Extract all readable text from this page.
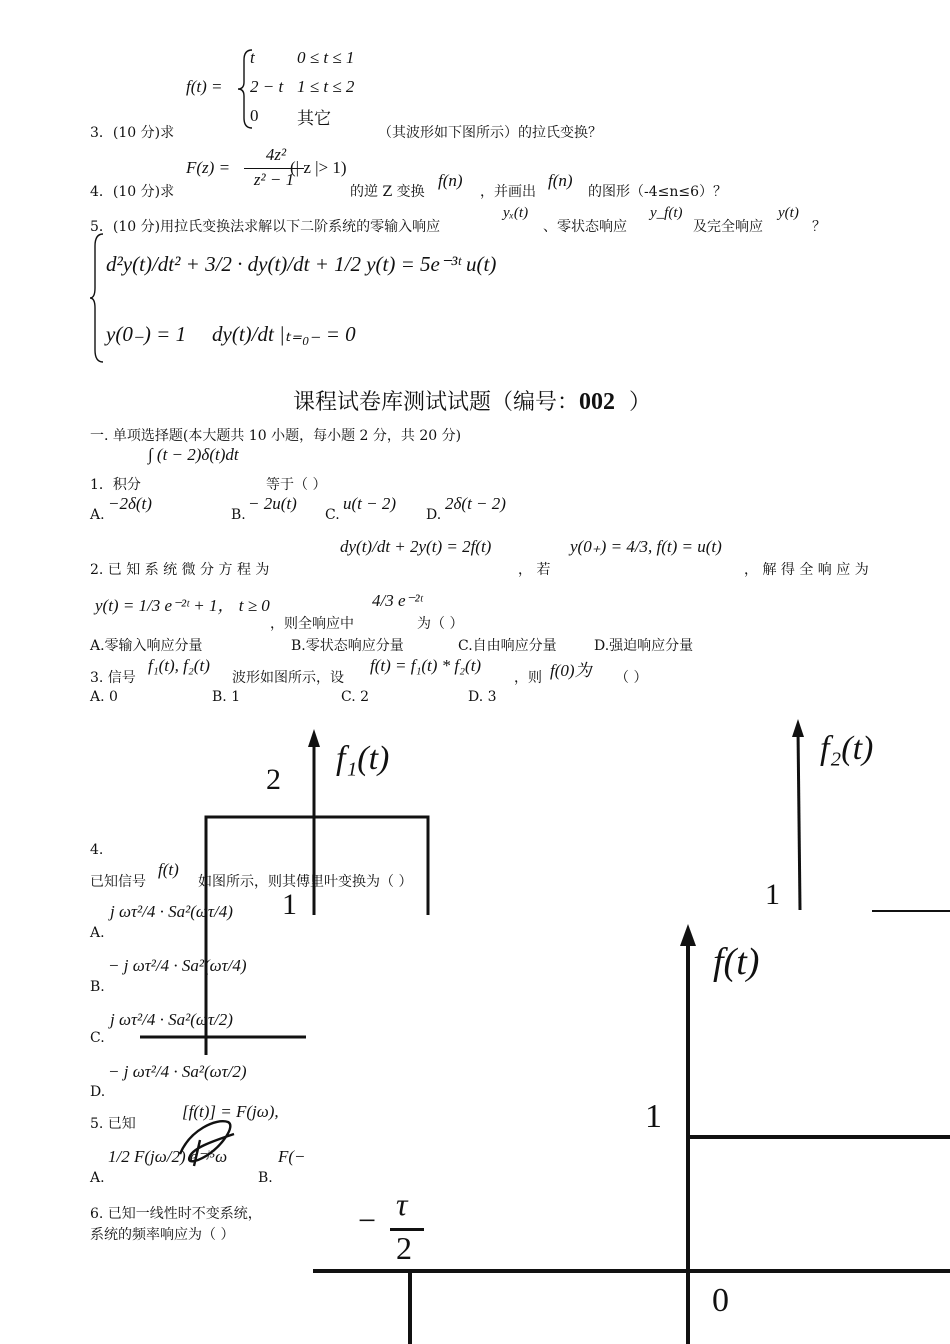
f(t) =
t 0 ≤ t ≤ 1
2 − t 1 ≤ t ≤ 2
0 其它
3．(10 分)求	（其波形如下图所示）的拉氏变换？
F(z) =
4z²
z² − 1
(| z |> 1)
4．(10 分)求	的逆 Z 变换
f(n)
，并画出
f(n)
的图形（-4≤n≤6）？
5．(10 分)用拉氏变换法求解以下二阶系统的零输入响应
yₓ(t)
、零状态响应
y_f(t)
及完全响应
y(t)
？
d²y(t)/dt² + 3/2 · dy(t)/dt + 1/2 y(t) = 5e⁻³ᵗ u(t)
y(0₋) = 1 dy(t)/dt |ₜ₌₀₋ = 0
课程试卷库测试试题（编号：002 ）
一. 单项选择题(本大题共 10 小题，每小题 2 分，共 20 分)
∫ (t − 2)δ(t)dt
1．积分	等于（ ）
A.
−2δ(t)
B.
− 2u(t)
C.
u(t − 2)
D.
2δ(t − 2)
2. 已 知 系 统 微 分 方 程 为
dy(t)/dt + 2y(t) = 2f(t)
， 若
y(0₊) = 4/3, f(t) = u(t)
， 解 得 全 响 应 为
y(t) = 1/3 e⁻²ᵗ + 1， t ≥ 0
，则全响应中
4/3 e⁻²ᵗ
为（ ）
A.零输入响应分量	B.零状态响应分量	C.自由响应分量	D.强迫响应分量
3. 信号
f₁(t), f₂(t)
波形如图所示，设
f(t) = f₁(t) * f₂(t)
，则 f(0)为 （ ）
A. 0	B. 1	C. 2	D. 3
f₁(t)
2
1
f₂(t)
1
4.
已知信号
f(t)
如图所示，则其傅里叶变换为（ ）
A.
j ωτ²/4 · Sa²(ωτ/4)
B.
− j ωτ²/4 · Sa²(ωτ/4)
C.
j ωτ²/4 · Sa²(ωτ/2)
D.
− j ωτ²/4 · Sa²(ωτ/2)
5. 已知
[f(t)] = F(jω),
A.
1/2 F(jω/2) e⁻ʲ⁵ω
B.
F(−
6. 已知一线性时不变系统，
系统的频率响应为（ ）
f(t)
1
− τ
2
0
